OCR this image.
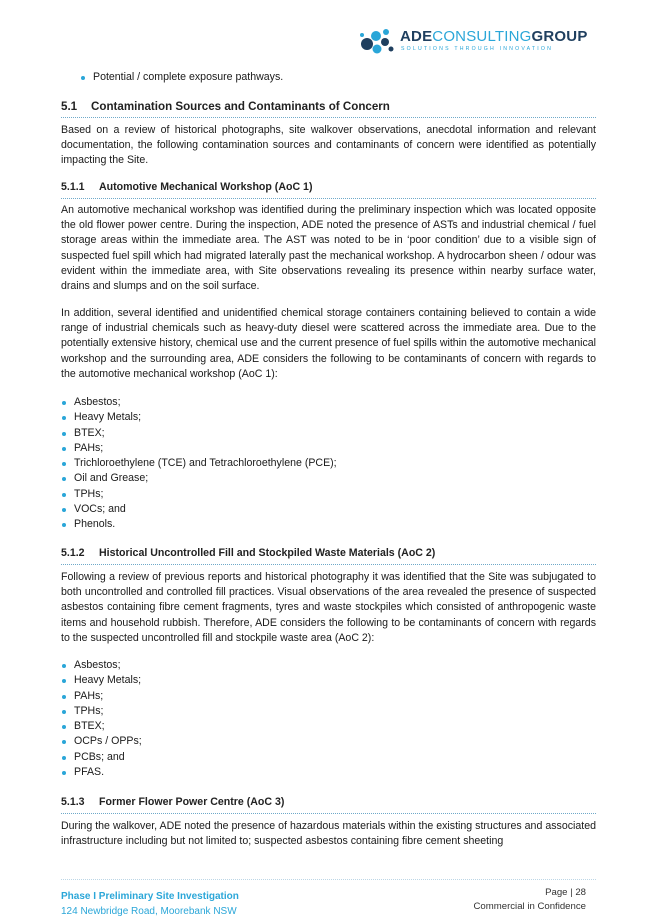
ADECONSULTINGGROUP
SOLUTIONS THROUGH INNOVATION
Potential / complete exposure pathways.
5.1 Contamination Sources and Contaminants of Concern

Based on a review of historical photographs, site walkover observations, anecdotal information and relevant documentation, the following contamination sources and contaminants of concern were identified as potentially impacting the Site.

5.1.1 Automotive Mechanical Workshop (AoC 1)

An automotive mechanical workshop was identified during the preliminary inspection which was located opposite the old flower power centre. During the inspection, ADE noted the presence of ASTs and industrial chemical / fuel storage areas within the immediate area. The AST was noted to be in ‘poor condition’ due to a visible sign of suspected fuel spill which had migrated laterally past the mechanical workshop. A hydrocarbon sheen / odour was evident within the immediate area, with Site observations revealing its presence within nearby surface water, drains and slumps and on the soil surface.

In addition, several identified and unidentified chemical storage containers containing believed to contain a wide range of industrial chemicals such as heavy-duty diesel were scattered across the immediate area. Due to the potentially extensive history, chemical use and the current presence of fuel spills within the automotive mechanical workshop and the surrounding area, ADE considers the following to be contaminants of concern with regards to the automotive mechanical workshop (AoC 1):

Asbestos;
Heavy Metals;
BTEX;
PAHs;
Trichloroethylene (TCE) and Tetrachloroethylene (PCE);
Oil and Grease;
TPHs;
VOCs; and
Phenols.
5.1.2 Historical Uncontrolled Fill and Stockpiled Waste Materials (AoC 2)

Following a review of previous reports and historical photography it was identified that the Site was subjugated to both uncontrolled and controlled fill practices. Visual observations of the area revealed the presence of suspected asbestos containing fibre cement fragments, tyres and waste stockpiles which consisted of anthropogenic waste items and household rubbish. Therefore, ADE considers the following to be contaminants of concern with regards to the suspected uncontrolled fill and stockpile waste area (AoC 2):

Asbestos;
Heavy Metals;
PAHs;
TPHs;
BTEX;
OCPs / OPPs;
PCBs; and
PFAS.
5.1.3 Former Flower Power Centre (AoC 3)

During the walkover, ADE noted the presence of hazardous materials within the existing structures and associated infrastructure including but not limited to; suspected asbestos containing fibre cement sheeting

Phase I Preliminary Site Investigation
124 Newbridge Road, Moorebank NSW
Page | 28
Commercial in Confidence
